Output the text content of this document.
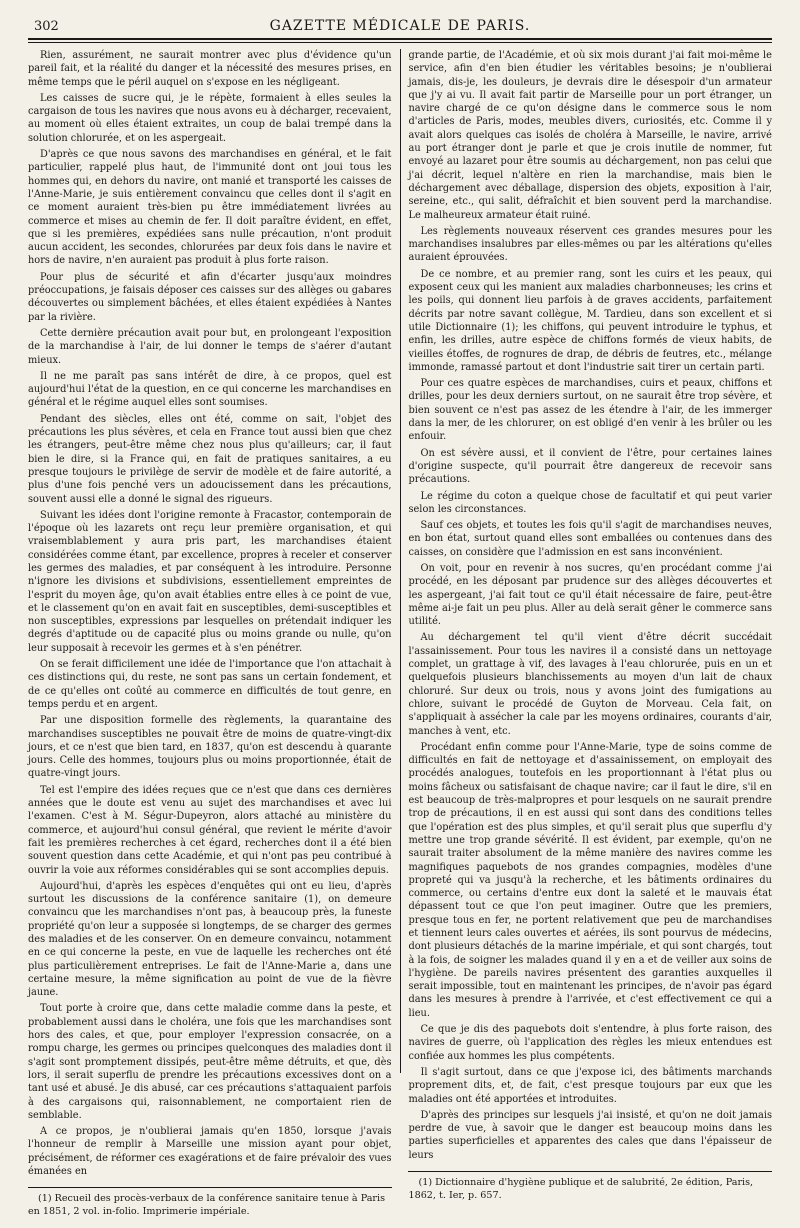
302	GAZETTE MÉDICALE DE PARIS.

Rien, assurément, ne saurait montrer avec plus d'évidence qu'un pareil fait, et la réalité du danger et la nécessité des mesures prises, en même temps que le péril auquel on s'expose en les négligeant.

Les caisses de sucre qui, je le répète, formaient à elles seules la cargaison de tous les navires que nous avons eu à décharger, recevaient, au moment où elles étaient extraites, un coup de balai trempé dans la solution chlorurée, et on les aspergeait.

D'après ce que nous savons des marchandises en général, et le fait particulier, rappelé plus haut, de l'immunité dont ont joui tous les hommes qui, en dehors du navire, ont manié et transporté les caisses de l'Anne-Marie, je suis entièrement convaincu que celles dont il s'agit en ce moment auraient très-bien pu être immédiatement livrées au commerce et mises au chemin de fer. Il doit paraître évident, en effet, que si les premières, expédiées sans nulle précaution, n'ont produit aucun accident, les secondes, chlorurées par deux fois dans le navire et hors de navire, n'en auraient pas produit à plus forte raison.

Pour plus de sécurité et afin d'écarter jusqu'aux moindres préoccupations, je faisais déposer ces caisses sur des allèges ou gabares découvertes ou simplement bâchées, et elles étaient expédiées à Nantes par la rivière.

Cette dernière précaution avait pour but, en prolongeant l'exposition de la marchandise à l'air, de lui donner le temps de s'aérer d'autant mieux.

Il ne me paraît pas sans intérêt de dire, à ce propos, quel est aujourd'hui l'état de la question, en ce qui concerne les marchandises en général et le régime auquel elles sont soumises.

Pendant des siècles, elles ont été, comme on sait, l'objet des précautions les plus sévères, et cela en France tout aussi bien que chez les étrangers, peut-être même chez nous plus qu'ailleurs; car, il faut bien le dire, si la France qui, en fait de pratiques sanitaires, a eu presque toujours le privilège de servir de modèle et de faire autorité, a plus d'une fois penché vers un adoucissement dans les précautions, souvent aussi elle a donné le signal des rigueurs.

Suivant les idées dont l'origine remonte à Fracastor, contemporain de l'époque où les lazarets ont reçu leur première organisation, et qui vraisemblablement y aura pris part, les marchandises étaient considérées comme étant, par excellence, propres à receler et conserver les germes des maladies, et par conséquent à les introduire. Personne n'ignore les divisions et subdivisions, essentiellement empreintes de l'esprit du moyen âge, qu'on avait établies entre elles à ce point de vue, et le classement qu'on en avait fait en susceptibles, demi-susceptibles et non susceptibles, expressions par lesquelles on prétendait indiquer les degrés d'aptitude ou de capacité plus ou moins grande ou nulle, qu'on leur supposait à recevoir les germes et à s'en pénétrer.

On se ferait difficilement une idée de l'importance que l'on attachait à ces distinctions qui, du reste, ne sont pas sans un certain fondement, et de ce qu'elles ont coûté au commerce en difficultés de tout genre, en temps perdu et en argent.

Par une disposition formelle des règlements, la quarantaine des marchandises susceptibles ne pouvait être de moins de quatre-vingt-dix jours, et ce n'est que bien tard, en 1837, qu'on est descendu à quarante jours. Celle des hommes, toujours plus ou moins proportionnée, était de quatre-vingt jours.

Tel est l'empire des idées reçues que ce n'est que dans ces dernières années que le doute est venu au sujet des marchandises et avec lui l'examen. C'est à M. Ségur-Dupeyron, alors attaché au ministère du commerce, et aujourd'hui consul général, que revient le mérite d'avoir fait les premières recherches à cet égard, recherches dont il a été bien souvent question dans cette Académie, et qui n'ont pas peu contribué à ouvrir la voie aux réformes considérables qui se sont accomplies depuis.

Aujourd'hui, d'après les espèces d'enquêtes qui ont eu lieu, d'après surtout les discussions de la conférence sanitaire (1), on demeure convaincu que les marchandises n'ont pas, à beaucoup près, la funeste propriété qu'on leur a supposée si longtemps, de se charger des germes des maladies et de les conserver. On en demeure convaincu, notamment en ce qui concerne la peste, en vue de laquelle les recherches ont été plus particulièrement entreprises. Le fait de l'Anne-Marie a, dans une certaine mesure, la même signification au point de vue de la fièvre jaune.

Tout porte à croire que, dans cette maladie comme dans la peste, et probablement aussi dans le choléra, une fois que les marchandises sont hors des cales, et que, pour employer l'expression consacrée, on a rompu charge, les germes ou principes quelconques des maladies dont il s'agit sont promptement dissipés, peut-être même détruits, et que, dès lors, il serait superflu de prendre les précautions excessives dont on a tant usé et abusé. Je dis abusé, car ces précautions s'attaquaient parfois à des cargaisons qui, raisonnablement, ne comportaient rien de semblable.

A ce propos, je n'oublierai jamais qu'en 1850, lorsque j'avais l'honneur de remplir à Marseille une mission ayant pour objet, précisément, de réformer ces exagérations et de faire prévaloir des vues émanées en

(1) Recueil des procès-verbaux de la conférence sanitaire tenue à Paris en 1851, 2 vol. in-folio. Imprimerie impériale.

grande partie, de l'Académie, et où six mois durant j'ai fait moi-même le service, afin d'en bien étudier les véritables besoins; je n'oublierai jamais, dis-je, les douleurs, je devrais dire le désespoir d'un armateur que j'y ai vu. Il avait fait partir de Marseille pour un port étranger, un navire chargé de ce qu'on désigne dans le commerce sous le nom d'articles de Paris, modes, meubles divers, curiosités, etc. Comme il y avait alors quelques cas isolés de choléra à Marseille, le navire, arrivé au port étranger dont je parle et que je crois inutile de nommer, fut envoyé au lazaret pour être soumis au déchargement, non pas celui que j'ai décrit, lequel n'altère en rien la marchandise, mais bien le déchargement avec déballage, dispersion des objets, exposition à l'air, sereine, etc., qui salit, défraîchit et bien souvent perd la marchandise. Le malheureux armateur était ruiné.

Les règlements nouveaux réservent ces grandes mesures pour les marchandises insalubres par elles-mêmes ou par les altérations qu'elles auraient éprouvées.

De ce nombre, et au premier rang, sont les cuirs et les peaux, qui exposent ceux qui les manient aux maladies charbonneuses; les crins et les poils, qui donnent lieu parfois à de graves accidents, parfaitement décrits par notre savant collègue, M. Tardieu, dans son excellent et si utile Dictionnaire (1); les chiffons, qui peuvent introduire le typhus, et enfin, les drilles, autre espèce de chiffons formés de vieux habits, de vieilles étoffes, de rognures de drap, de débris de feutres, etc., mélange immonde, ramassé partout et dont l'industrie sait tirer un certain parti.

Pour ces quatre espèces de marchandises, cuirs et peaux, chiffons et drilles, pour les deux derniers surtout, on ne saurait être trop sévère, et bien souvent ce n'est pas assez de les étendre à l'air, de les immerger dans la mer, de les chlorurer, on est obligé d'en venir à les brûler ou les enfouir.

On est sévère aussi, et il convient de l'être, pour certaines laines d'origine suspecte, qu'il pourrait être dangereux de recevoir sans précautions.

Le régime du coton a quelque chose de facultatif et qui peut varier selon les circonstances.

Sauf ces objets, et toutes les fois qu'il s'agit de marchandises neuves, en bon état, surtout quand elles sont emballées ou contenues dans des caisses, on considère que l'admission en est sans inconvénient.

On voit, pour en revenir à nos sucres, qu'en procédant comme j'ai procédé, en les déposant par prudence sur des allèges découvertes et les aspergeant, j'ai fait tout ce qu'il était nécessaire de faire, peut-être même ai-je fait un peu plus. Aller au delà serait gêner le commerce sans utilité.

Au déchargement tel qu'il vient d'être décrit succédait l'assainissement. Pour tous les navires il a consisté dans un nettoyage complet, un grattage à vif, des lavages à l'eau chlorurée, puis en un et quelquefois plusieurs blanchissements au moyen d'un lait de chaux chloruré. Sur deux ou trois, nous y avons joint des fumigations au chlore, suivant le procédé de Guyton de Morveau. Cela fait, on s'appliquait à assécher la cale par les moyens ordinaires, courants d'air, manches à vent, etc.

Procédant enfin comme pour l'Anne-Marie, type de soins comme de difficultés en fait de nettoyage et d'assainissement, on employait des procédés analogues, toutefois en les proportionnant à l'état plus ou moins fâcheux ou satisfaisant de chaque navire; car il faut le dire, s'il en est beaucoup de très-malpropres et pour lesquels on ne saurait prendre trop de précautions, il en est aussi qui sont dans des conditions telles que l'opération est des plus simples, et qu'il serait plus que superflu d'y mettre une trop grande sévérité. Il est évident, par exemple, qu'on ne saurait traiter absolument de la même manière des navires comme les magnifiques paquebots de nos grandes compagnies, modèles d'une propreté qui va jusqu'à la recherche, et les bâtiments ordinaires du commerce, ou certains d'entre eux dont la saleté et le mauvais état dépassent tout ce que l'on peut imaginer. Outre que les premiers, presque tous en fer, ne portent relativement que peu de marchandises et tiennent leurs cales ouvertes et aérées, ils sont pourvus de médecins, dont plusieurs détachés de la marine impériale, et qui sont chargés, tout à la fois, de soigner les malades quand il y en a et de veiller aux soins de l'hygiène. De pareils navires présentent des garanties auxquelles il serait impossible, tout en maintenant les principes, de n'avoir pas égard dans les mesures à prendre à l'arrivée, et c'est effectivement ce qui a lieu.

Ce que je dis des paquebots doit s'entendre, à plus forte raison, des navires de guerre, où l'application des règles les mieux entendues est confiée aux hommes les plus compétents.

Il s'agit surtout, dans ce que j'expose ici, des bâtiments marchands proprement dits, et, de fait, c'est presque toujours par eux que les maladies ont été apportées et introduites.

D'après des principes sur lesquels j'ai insisté, et qu'on ne doit jamais perdre de vue, à savoir que le danger est beaucoup moins dans les parties superficielles et apparentes des cales que dans l'épaisseur de leurs

(1) Dictionnaire d'hygiène publique et de salubrité, 2e édition, Paris, 1862, t. Ier, p. 657.
